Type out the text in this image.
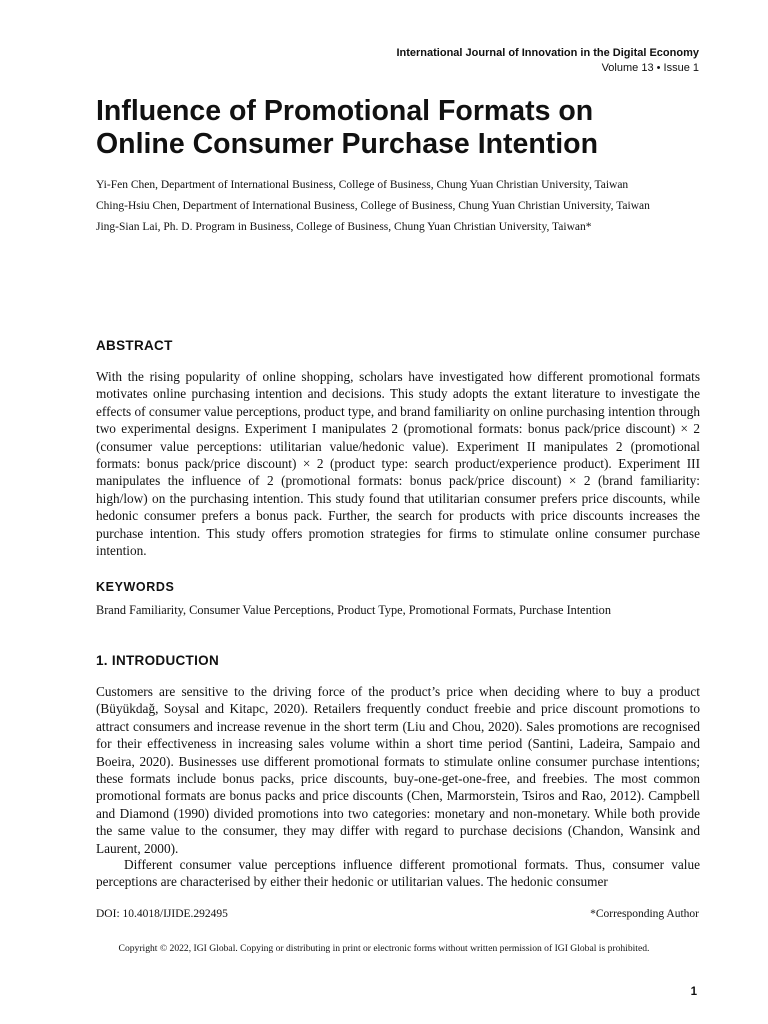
International Journal of Innovation in the Digital Economy
Volume 13 • Issue 1
Influence of Promotional Formats on
Online Consumer Purchase Intention
Yi-Fen Chen, Department of International Business, College of Business, Chung Yuan Christian University, Taiwan
Ching-Hsiu Chen, Department of International Business, College of Business, Chung Yuan Christian University, Taiwan
Jing-Sian Lai, Ph. D. Program in Business, College of Business, Chung Yuan Christian University, Taiwan*
ABSTRACT

With the rising popularity of online shopping, scholars have investigated how different promotional formats motivates online purchasing intention and decisions. This study adopts the extant literature to investigate the effects of consumer value perceptions, product type, and brand familiarity on online purchasing intention through two experimental designs. Experiment I manipulates 2 (promotional formats: bonus pack/price discount) × 2 (consumer value perceptions: utilitarian value/hedonic value). Experiment II manipulates 2 (promotional formats: bonus pack/price discount) × 2 (product type: search product/experience product). Experiment III manipulates the influence of 2 (promotional formats: bonus pack/price discount) × 2 (brand familiarity: high/low) on the purchasing intention. This study found that utilitarian consumer prefers price discounts, while hedonic consumer prefers a bonus pack. Further, the search for products with price discounts increases the purchase intention. This study offers promotion strategies for firms to stimulate online consumer purchase intention.

KEYWORDS

Brand Familiarity, Consumer Value Perceptions, Product Type, Promotional Formats, Purchase Intention

1. INTRODUCTION

Customers are sensitive to the driving force of the product’s price when deciding where to buy a product (Büyükdağ, Soysal and Kitapc, 2020). Retailers frequently conduct freebie and price discount promotions to attract consumers and increase revenue in the short term (Liu and Chou, 2020). Sales promotions are recognised for their effectiveness in increasing sales volume within a short time period (Santini, Ladeira, Sampaio and Boeira, 2020). Businesses use different promotional formats to stimulate online consumer purchase intentions; these formats include bonus packs, price discounts, buy-one-get-one-free, and freebies. The most common promotional formats are bonus packs and price discounts (Chen, Marmorstein, Tsiros and Rao, 2012). Campbell and Diamond (1990) divided promotions into two categories: monetary and non-monetary. While both provide the same value to the consumer, they may differ with regard to purchase decisions (Chandon, Wansink and Laurent, 2000).

Different consumer value perceptions influence different promotional formats. Thus, consumer value perceptions are characterised by either their hedonic or utilitarian values. The hedonic consumer

DOI: 10.4018/IJIDE.292495	*Corresponding Author
Copyright © 2022, IGI Global. Copying or distributing in print or electronic forms without written permission of IGI Global is prohibited.
1
